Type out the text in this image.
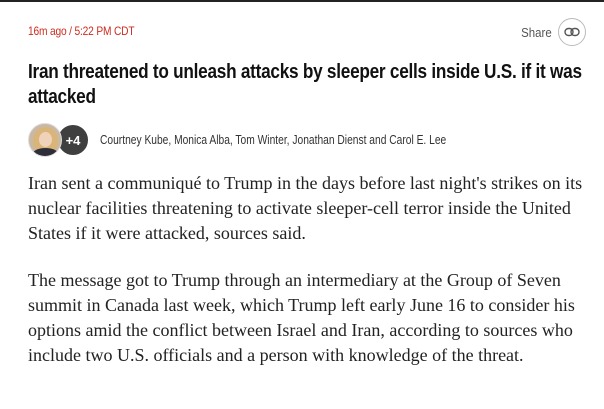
16m ago / 5:22 PM CDT	Share
Iran threatened to unleash attacks by sleeper cells inside U.S. if it was attacked
+4	Courtney Kube, Monica Alba, Tom Winter, Jonathan Dienst and Carol E. Lee

Iran sent a communiqué to Trump in the days before last night's strikes on its nuclear facilities threatening to activate sleeper-cell terror inside the United States if it were attacked, sources said.

The message got to Trump through an intermediary at the Group of Seven summit in Canada last week, which Trump left early June 16 to consider his options amid the conflict between Israel and Iran, according to sources who include two U.S. officials and a person with knowledge of the threat.
